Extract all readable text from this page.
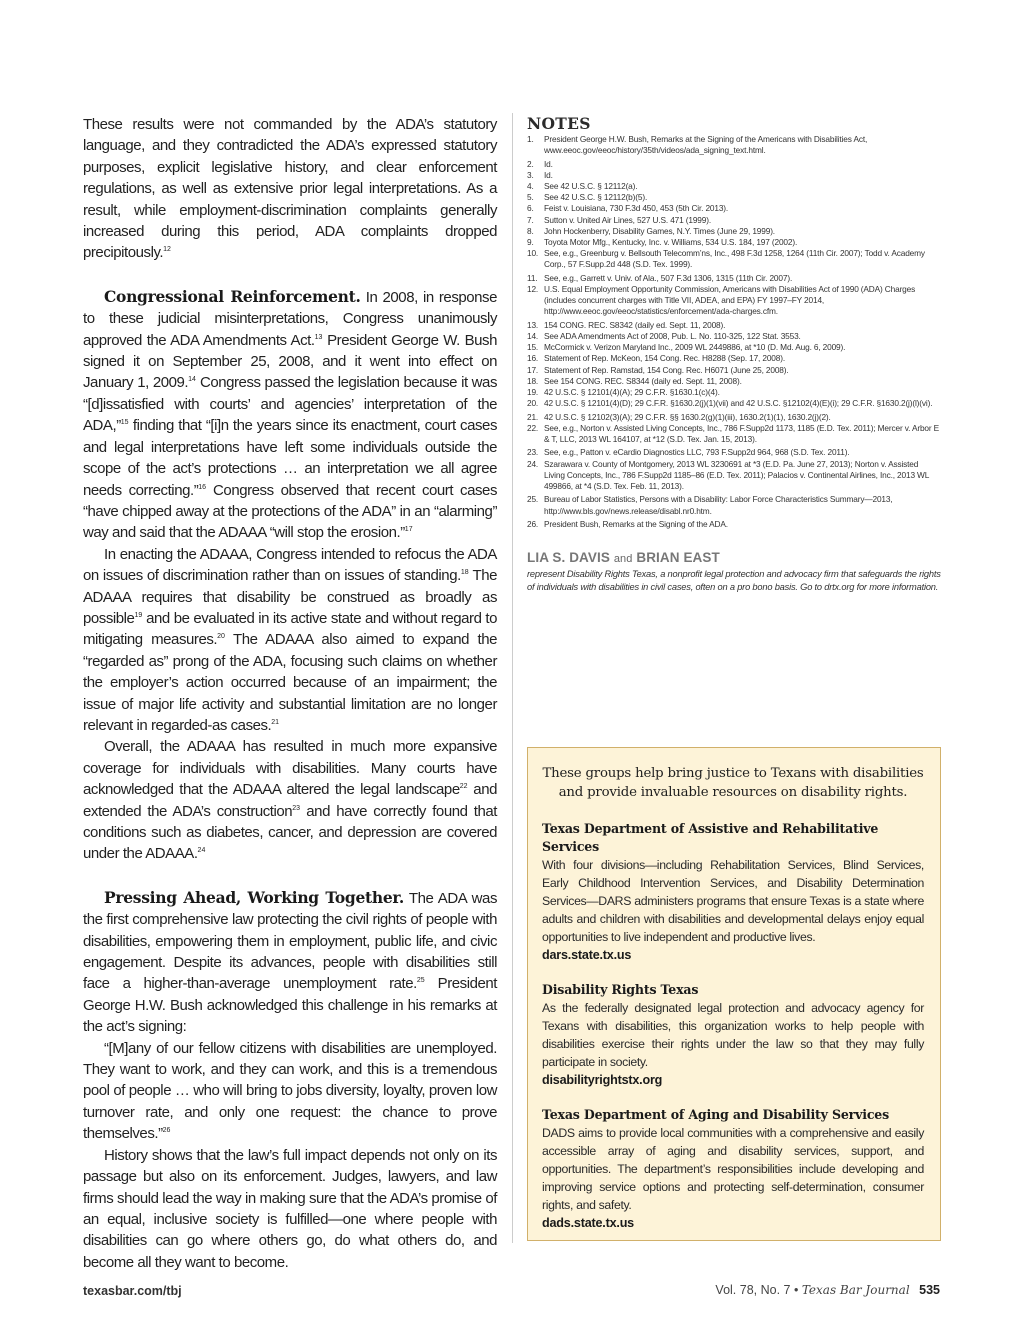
These results were not commanded by the ADA’s statutory language, and they contradicted the ADA’s expressed statutory purposes, explicit legislative history, and clear enforcement regulations, as well as extensive prior legal interpretations. As a result, while employment-discrimination complaints generally increased during this period, ADA complaints dropped precipitously.$^{12}$

Congressional Reinforcement. In 2008, in response to these judicial misinterpretations, Congress unanimously approved the ADA Amendments Act.$^{13}$ President George W. Bush signed it on September 25, 2008, and it went into effect on January 1, 2009.14 Congress passed the legislation because it was “[d]issatisfied with courts’ and agencies’ interpretation of the ADA,”$^{15}$ finding that “[i]n the years since its enactment, court cases and legal interpretations have left some individuals outside the scope of the act’s protections … an interpretation we all agree needs correcting.”$^{16}$ Congress observed that recent court cases “have chipped away at the protections of the ADA” in an “alarming” way and said that the ADAAA “will stop the erosion.”$^{17}$

In enacting the ADAAA, Congress intended to refocus the ADA on issues of discrimination rather than on issues of standing.$^{18}$ The ADAAA requires that disability be construed as broadly as possible$^{19}$ and be evaluated in its active state and without regard to mitigating measures.$^{20}$ The ADAAA also aimed to expand the “regarded as” prong of the ADA, focusing such claims on whether the employer’s action occurred because of an impairment; the issue of major life activity and substantial limitation are no longer relevant in regarded-as cases.$^{21}$

Overall, the ADAAA has resulted in much more expansive coverage for individuals with disabilities. Many courts have acknowledged that the ADAAA altered the legal landscape$^{22}$ and extended the ADA’s construction$^{23}$ and have correctly found that conditions such as diabetes, cancer, and depression are covered under the ADAAA.$^{24}$

Pressing Ahead, Working Together. The ADA was the first comprehensive law protecting the civil rights of people with disabilities, empowering them in employment, public life, and civic engagement. Despite its advances, people with disabilities still face a higher-than-average unemployment rate.$^{25}$ President George H.W. Bush acknowledged this challenge in his remarks at the act’s signing:

“[M]any of our fellow citizens with disabilities are unemployed. They want to work, and they can work, and this is a tremendous pool of people … who will bring to jobs diversity, loyalty, proven low turnover rate, and only one request: the chance to prove themselves.”$^{26}$

History shows that the law’s full impact depends not only on its passage but also on its enforcement. Judges, lawyers, and law firms should lead the way in making sure that the ADA’s promise of an equal, inclusive society is fulfilled—one where people with disabilities can go where others go, do what others do, and become all they want to become.

NOTES
1.	President George H.W. Bush, Remarks at the Signing of the Americans with Disabilities Act, www.eeoc.gov/eeoc/history/35th/videos/ada_signing_text.html.
2.	Id.
3.	Id.
4.	See 42 U.S.C. § 12112(a).
5.	See 42 U.S.C. § 12112(b)(5).
6.	Feist v. Louisiana, 730 F.3d 450, 453 (5th Cir. 2013).
7.	Sutton v. United Air Lines, 527 U.S. 471 (1999).
8.	John Hockenberry, Disability Games, N.Y. Times (June 29, 1999).
9.	Toyota Motor Mfg., Kentucky, Inc. v. Williams, 534 U.S. 184, 197 (2002).
10. See, e.g., Greenburg v. Bellsouth Telecomm’ns, Inc., 498 F.3d 1258, 1264 (11th Cir. 2007); Todd v. Academy Corp., 57 F.Supp.2d 448 (S.D. Tex. 1999).
11. See, e.g., Garrett v. Univ. of Ala., 507 F.3d 1306, 1315 (11th Cir. 2007).
12. U.S. Equal Employment Opportunity Commission, Americans with Disabilities Act of 1990 (ADA) Charges (includes concurrent charges with Title VII, ADEA, and EPA) FY 1997–FY 2014, http://www.eeoc.gov/eeoc/statistics/enforcement/ada-charges.cfm.
13. 154 CONG. REC. S8342 (daily ed. Sept. 11, 2008).
14. See ADA Amendments Act of 2008, Pub. L. No. 110-325, 122 Stat. 3553.
15. McCormick v. Verizon Maryland Inc., 2009 WL 2449886, at *10 (D. Md. Aug. 6, 2009).
16. Statement of Rep. McKeon, 154 Cong. Rec. H8288 (Sep. 17, 2008).
17. Statement of Rep. Ramstad, 154 Cong. Rec. H6071 (June 25, 2008).
18. See 154 CONG. REC. S8344 (daily ed. Sept. 11, 2008).
19. 42 U.S.C. § 12101(4)(A); 29 C.F.R. §1630.1(c)(4).
20. 42 U.S.C. § 12101(4)(D); 29 C.F.R. §1630.2(j)(1)(vii) and 42 U.S.C. §12102(4)(E)(i); 29 C.F.R. §1630.2(j)(l)(vi).
21. 42 U.S.C. § 12102(3)(A); 29 C.F.R. §§ 1630.2(g)(1)(iii), 1630.2(1)(1), 1630.2(j)(2).
22. See, e.g., Norton v. Assisted Living Concepts, Inc., 786 F.Supp2d 1173, 1185 (E.D. Tex. 2011); Mercer v. Arbor E & T, LLC, 2013 WL 164107, at *12 (S.D. Tex. Jan. 15, 2013).
23. See, e.g., Patton v. eCardio Diagnostics LLC, 793 F.Supp2d 964, 968 (S.D. Tex. 2011).
24. Szarawara v. County of Montgomery, 2013 WL 3230691 at *3 (E.D. Pa. June 27, 2013); Norton v. Assisted Living Concepts, Inc., 786 F.Supp2d 1185–86 (E.D. Tex. 2011); Palacios v. Continental Airlines, Inc., 2013 WL 499866, at *4 (S.D. Tex. Feb. 11, 2013).
25. Bureau of Labor Statistics, Persons with a Disability: Labor Force Characteristics Summary—2013, http://www.bls.gov/news.release/disabl.nr0.htm.
26. President Bush, Remarks at the Signing of the ADA.
LIA S. DAVIS and BRIAN EAST
represent Disability Rights Texas, a nonprofit legal protection and advocacy firm that safeguards the rights of individuals with disabilities in civil cases, often on a pro bono basis. Go to drtx.org for more information.
These groups help bring justice to Texans with disabilities and provide invaluable resources on disability rights.
Texas Department of Assistive and Rehabilitative Services
With four divisions—including Rehabilitation Services, Blind Services, Early Childhood Intervention Services, and Disability Determination Services—DARS administers programs that ensure Texas is a state where adults and children with disabilities and developmental delays enjoy equal opportunities to live independent and productive lives.
dars.state.tx.us
Disability Rights Texas
As the federally designated legal protection and advocacy agency for Texans with disabilities, this organization works to help people with disabilities exercise their rights under the law so that they may fully participate in society.
disabilityrightstx.org
Texas Department of Aging and Disability Services
DADS aims to provide local communities with a comprehensive and easily accessible array of aging and disability services, support, and opportunities. The department’s responsibilities include developing and improving service options and protecting self-determination, consumer rights, and safety.
dads.state.tx.us
texasbar.com/tbj	Vol. 78, No. 7 • Texas Bar Journal 535
